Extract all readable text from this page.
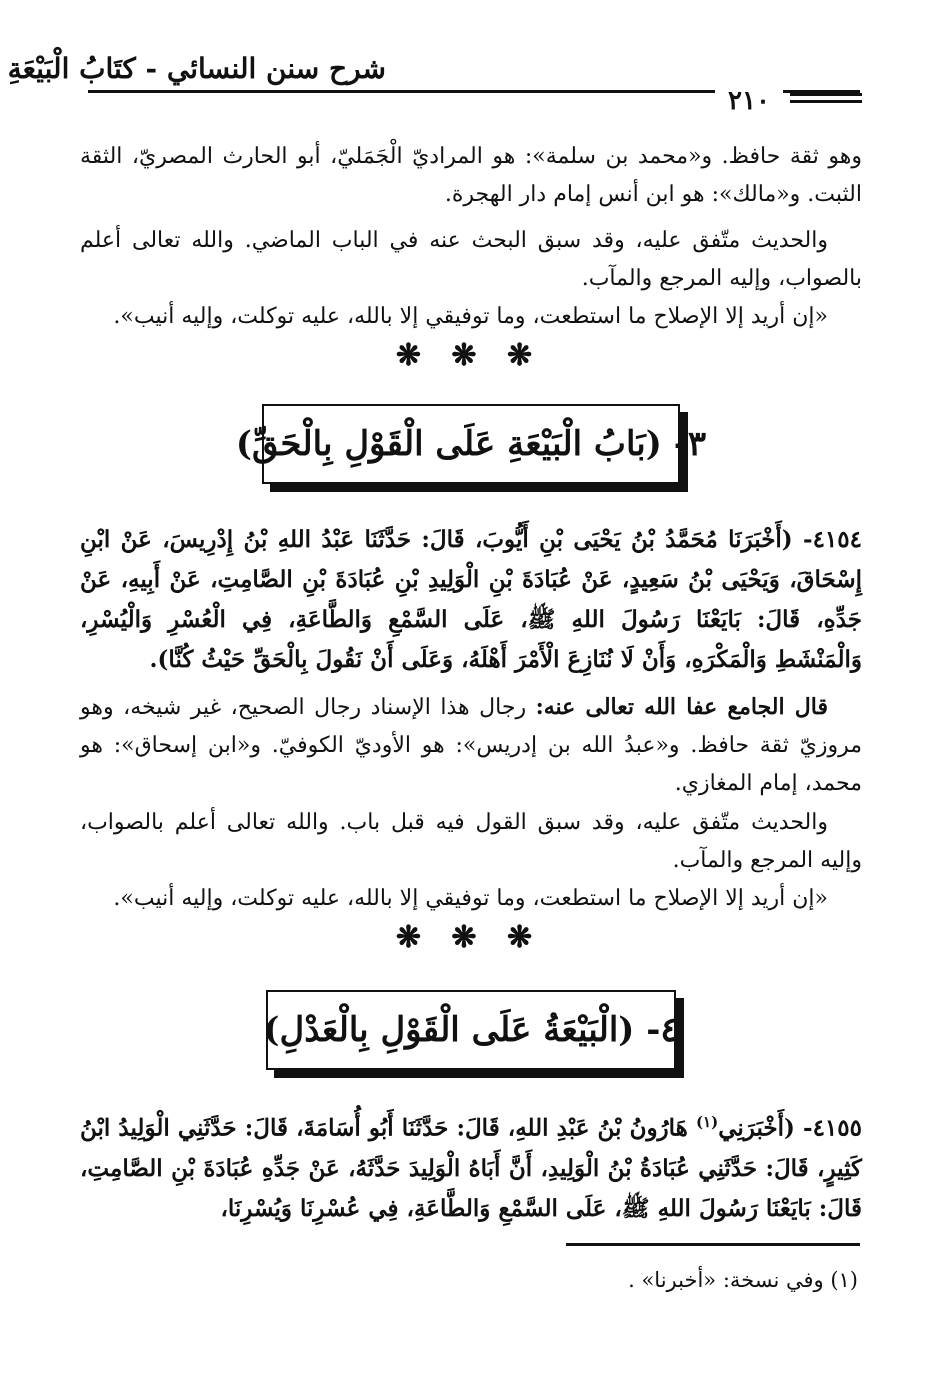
شرح سنن النسائي - كتَابُ الْبَيْعَةِ
٢١٠
وهو ثقة حافظ. و«محمد بن سلمة»: هو المراديّ الْجَمَليّ، أبو الحارث المصريّ، الثقة الثبت. و«مالك»: هو ابن أنس إمام دار الهجرة.
والحديث متّفق عليه، وقد سبق البحث عنه في الباب الماضي. والله تعالى أعلم بالصواب، وإليه المرجع والمآب.
«إن أريد إلا الإصلاح ما استطعت، وما توفيقي إلا بالله، عليه توكلت، وإليه أنيب».
❋ ❋ ❋
٣- (بَابُ الْبَيْعَةِ عَلَى الْقَوْلِ بِالْحَقِّ)
٤١٥٤- (أَخْبَرَنَا مُحَمَّدُ بْنُ يَحْيَى بْنِ أَيُّوبَ، قَالَ: حَدَّثَنَا عَبْدُ اللهِ بْنُ إِدْرِيسَ، عَنْ ابْنِ إِسْحَاقَ، وَيَحْيَى بْنُ سَعِيدٍ، عَنْ عُبَادَةَ بْنِ الْوَلِيدِ بْنِ عُبَادَةَ بْنِ الصَّامِتِ، عَنْ أَبِيهِ، عَنْ جَدِّهِ، قَالَ: بَايَعْنَا رَسُولَ اللهِ ﷺ، عَلَى السَّمْعِ وَالطَّاعَةِ، فِي الْعُسْرِ وَالْيُسْرِ، وَالْمَنْشَطِ وَالْمَكْرَهِ، وَأَنْ لَا نُنَازِعَ الْأَمْرَ أَهْلَهُ، وَعَلَى أَنْ نَقُولَ بِالْحَقِّ حَيْثُ كُنَّا).
قال الجامع عفا الله تعالى عنه: رجال هذا الإسناد رجال الصحيح، غير شيخه، وهو مروزيّ ثقة حافظ. و«عبدُ الله بن إدريس»: هو الأوديّ الكوفيّ. و«ابن إسحاق»: هو محمد، إمام المغازي.
والحديث متّفق عليه، وقد سبق القول فيه قبل باب. والله تعالى أعلم بالصواب، وإليه المرجع والمآب.
«إن أريد إلا الإصلاح ما استطعت، وما توفيقي إلا بالله، عليه توكلت، وإليه أنيب».
❋ ❋ ❋
٤- (الْبَيْعَةُ عَلَى الْقَوْلِ بِالْعَدْلِ)
٤١٥٥- (أَخْبَرَنِي$^{(١)}$ هَارُونُ بْنُ عَبْدِ اللهِ، قَالَ: حَدَّثَنَا أَبُو أُسَامَةَ، قَالَ: حَدَّثَنِي الْوَلِيدُ ابْنُ كَثِيرٍ، قَالَ: حَدَّثَنِي عُبَادَةُ بْنُ الْوَلِيدِ، أَنَّ أَبَاهُ الْوَلِيدَ حَدَّثَهُ، عَنْ جَدِّهِ عُبَادَةَ بْنِ الصَّامِتِ، قَالَ: بَايَعْنَا رَسُولَ اللهِ ﷺ، عَلَى السَّمْعِ وَالطَّاعَةِ، فِي عُسْرِنَا وَيُسْرِنَا،
(١) وفي نسخة: «أخبرنا» .
